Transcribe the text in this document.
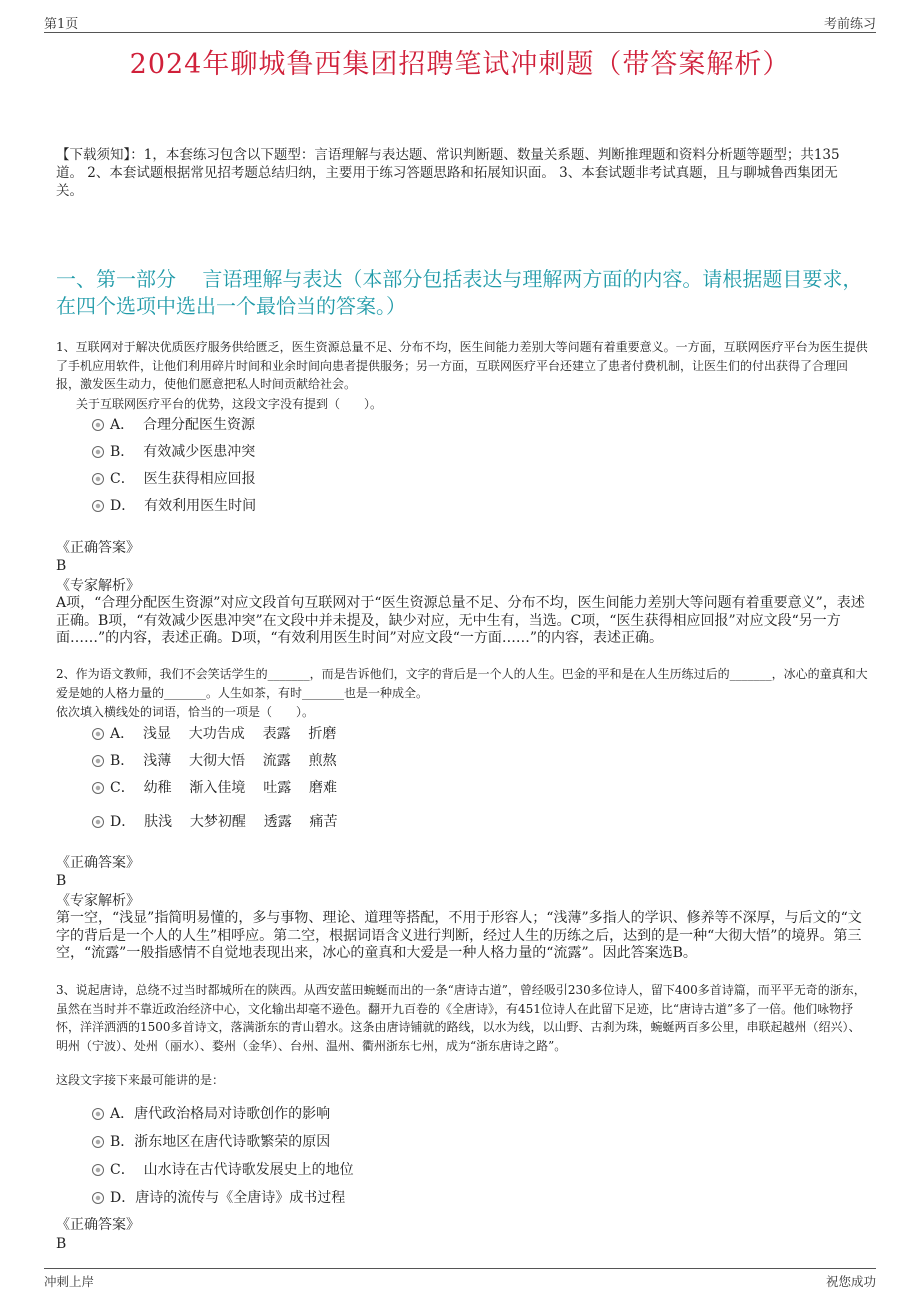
第1页	考前练习
2024年聊城鲁西集团招聘笔试冲刺题（带答案解析）
【下载须知】：1，本套练习包含以下题型：言语理解与表达题、常识判断题、数量关系题、判断推理题和资料分析题等题型；共135道。 2、本套试题根据常见招考题总结归纳，主要用于练习答题思路和拓展知识面。 3、本套试题非考试真题，且与聊城鲁西集团无关。
一、第一部分　 言语理解与表达（本部分包括表达与理解两方面的内容。请根据题目要求，在四个选项中选出一个最恰当的答案。）
1、互联网对于解决优质医疗服务供给匮乏，医生资源总量不足、分布不均，医生间能力差别大等问题有着重要意义。一方面，互联网医疗平台为医生提供了手机应用软件，让他们利用碎片时间和业余时间向患者提供服务；另一方面，互联网医疗平台还建立了患者付费机制，让医生们的付出获得了合理回报，激发医生动力，使他们愿意把私人时间贡献给社会。
关于互联网医疗平台的优势，这段文字没有提到（　　）。
A．  合理分配医生资源
B．  有效减少医患冲突
C．  医生获得相应回报
D．  有效利用医生时间
《正确答案》
B
《专家解析》
A项，“合理分配医生资源”对应文段首句互联网对于“医生资源总量不足、分布不均，医生间能力差别大等问题有着重要意义”，表述正确。B项，“有效减少医患冲突”在文段中并未提及，缺少对应，无中生有，当选。C项，“医生获得相应回报”对应文段“另一方面……”的内容，表述正确。D项，“有效利用医生时间”对应文段“一方面……”的内容，表述正确。
2、作为语文教师，我们不会笑话学生的_______，而是告诉他们，文字的背后是一个人的人生。巴金的平和是在人生历练过后的_______，冰心的童真和大爱是她的人格力量的_______。人生如茶，有时_______也是一种成全。
依次填入横线处的词语，恰当的一项是（　　）。
A．  浅显    大功告成    表露    折磨
B．  浅薄    大彻大悟    流露    煎熬
C．  幼稚    渐入佳境    吐露    磨难
D．  肤浅    大梦初醒    透露    痛苦
《正确答案》
B
《专家解析》
第一空，“浅显”指简明易懂的，多与事物、理论、道理等搭配，不用于形容人；“浅薄”多指人的学识、修养等不深厚，与后文的“文字的背后是一个人的人生”相呼应。第二空，根据词语含义进行判断，经过人生的历练之后，达到的是一种“大彻大悟”的境界。第三空，“流露”一般指感情不自觉地表现出来，冰心的童真和大爱是一种人格力量的“流露”。因此答案选B。
3、说起唐诗，总绕不过当时都城所在的陕西。从西安蓝田蜿蜒而出的一条“唐诗古道”，曾经吸引230多位诗人，留下400多首诗篇，而平平无奇的浙东，虽然在当时并不靠近政治经济中心，文化输出却毫不逊色。翻开九百卷的《全唐诗》，有451位诗人在此留下足迹，比“唐诗古道”多了一倍。他们咏物抒怀，洋洋洒洒的1500多首诗文，落满浙东的青山碧水。这条由唐诗铺就的路线，以水为线，以山野、古刹为珠，蜿蜒两百多公里，串联起越州（绍兴）、明州（宁波）、处州（丽水）、婺州（金华）、台州、温州、衢州浙东七州，成为“浙东唐诗之路”。
这段文字接下来最可能讲的是：
A．唐代政治格局对诗歌创作的影响
B．浙东地区在唐代诗歌繁荣的原因
C．  山水诗在古代诗歌发展史上的地位
D．唐诗的流传与《全唐诗》成书过程
《正确答案》
B
冲刺上岸	祝您成功
